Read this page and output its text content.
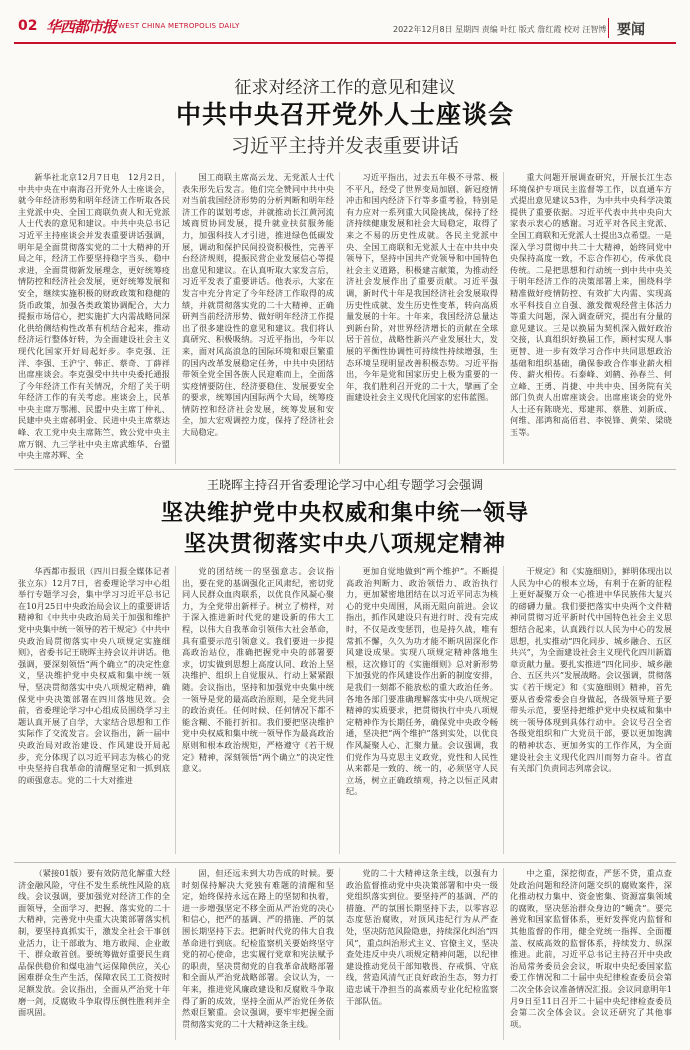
02 华西都市报 WEST CHINA METROPOLIS DAILY	2022年12月8日 星期四 责编 叶红 版式 詹红霞 校对 汪智博 要闻
征求对经济工作的意见和建议
中共中央召开党外人士座谈会
习近平主持并发表重要讲话

新华社北京12月7日电　12月2日，中共中央在中南海召开党外人士座谈会，就今年经济形势和明年经济工作听取各民主党派中央、全国工商联负责人和无党派人士代表的意见和建议。中共中央总书记习近平主持座谈会并发表重要讲话强调，明年是全面贯彻落实党的二十大精神的开局之年，经济工作要坚持稳字当头、稳中求进，全面贯彻新发展理念，更好统筹疫情防控和经济社会发展，更好统筹发展和安全，继续实施积极的财政政策和稳健的货币政策，加强各类政策协调配合，大力提振市场信心，把实施扩大内需战略同深化供给侧结构性改革有机结合起来，推动经济运行整体好转，为全面建设社会主义现代化国家开好局起好步。李克强、汪洋、李强、王沪宁、韩正、蔡奇、丁薛祥出席座谈会。李克强受中共中央委托通报了今年经济工作有关情况，介绍了关于明年经济工作的有关考虑。座谈会上，民革中央主席万鄂湘、民盟中央主席丁仲礼、民建中央主席郝明金、民进中央主席蔡达峰、农工党中央主席陈竺、致公党中央主席万钢、九三学社中央主席武维华、台盟中央主席苏辉、全

国工商联主席高云龙、无党派人士代表朱形先后发言。他们完全赞同中共中央对当前我国经济形势的分析判断和明年经济工作的谋划考虑，并就推动长江黄河流域商贸协同发展，提升就业扶贫服务能力，加强科技人才引进，推进绿色低碳发展，调动和保护民间投资积极性，完善平台经济规则，提振民营企业发展信心等提出意见和建议。在认真听取大家发言后，习近平发表了重要讲话。他表示，大家在发言中充分肯定了今年经济工作取得的成绩，并就贯彻落实党的二十大精神、正确研判当前经济形势、做好明年经济工作提出了很多建设性的意见和建议。我们将认真研究、积极吸纳。习近平指出，今年以来，面对风高浪急的国际环境和艰巨繁重的国内改革发展稳定任务，中共中央团结带领全党全国各族人民迎难而上，全面落实疫情要防住、经济要稳住、发展要安全的要求，统筹国内国际两个大局，统筹疫情防控和经济社会发展，统筹发展和安全，加大宏观调控力度，保持了经济社会大局稳定。

习近平指出，过去五年极不寻常、极不平凡，经受了世界变局加剧、新冠疫情冲击和国内经济下行等多重考验，特别是有力应对一系列重大风险挑战，保持了经济持续健康发展和社会大局稳定，取得了来之不易的历史性成就。各民主党派中央、全国工商联和无党派人士在中共中央领导下，坚持中国共产党领导和中国特色社会主义道路，积极建言献策，为推动经济社会发展作出了重要贡献。习近平强调，新时代十年是我国经济社会发展取得历史性成就、发生历史性变革，转向高质量发展的十年。十年来，我国经济总量达到新台阶，对世界经济增长的贡献在全球居于首位，战略性新兴产业发展壮大，发展的平衡性协调性可持续性持续增强，生态环境呈现明显改善积极态势。习近平指出，今年是党和国家历史上极为重要的一年，我们胜利召开党的二十大，擘画了全面建设社会主义现代化国家的宏伟蓝图。

重大问题开展调查研究，开展长江生态环境保护专项民主监督等工作，以直通车方式提出意见建议53件，为中共中央科学决策提供了重要依据。习近平代表中共中央向大家表示衷心的感谢。习近平对各民主党派、全国工商联和无党派人士提出3点希望。一是深入学习贯彻中共二十大精神，始终同党中央保持高度一致，不忘合作初心，传承优良传统。二是把思想和行动统一到中共中央关于明年经济工作的决策部署上来，围绕科学精准做好疫情防控、有效扩大内需、实现高水平科技自立自强、激发微观经营主体活力等重大问题，深入调查研究，提出有分量的意见建议。三是以换届为契机深入做好政治交接，认真组织好换届工作，顾村实现人事更替、进一步有效学习合作中共同思想政治基础和组织基础，确保参政合作事业薪火相传、薪火相传。石泰峰、刘鹤、孙春兰、何立峰、王勇、肖捷、中共中央、国务院有关部门负责人出席座谈会。出席座谈会的党外人士还有陈晓光、郑建邦、蔡胜、刘新成、何维、邵鸿和高佰君、李锐锋、黄荣、梁晓玉等。

王晓晖主持召开省委理论学习中心组专题学习会强调
坚决维护党中央权威和集中统一领导
坚决贯彻落实中央八项规定精神

华西都市报讯（四川日报全媒体记者 张立东）12月7日，省委理论学习中心组举行专题学习会，集中学习习近平总书记在10月25日中央政治局会议上的重要讲话精神和《中共中央政治局关于加强和维护党中央集中统一领导的若干规定》《中共中央政治局贯彻落实中央八项规定实施细则》，省委书记王晓晖主持会议并讲话。他强调，要深刻领悟“两个确立”的决定性意义，坚决维护党中央权威和集中统一领导，坚决贯彻落实中央八项规定精神，确保党中央决策部署在四川落地见效。会前，省委理论学习中心组成员围绕学习主题认真开展了自学，大家结合思想和工作实际作了交流发言。会议指出，新一届中央政治局对政治建设、作风建设开局起步，充分体现了以习近平同志为核心的党中央坚持自我革命的清醒坚定和一抓到底的顽强意志。党的二十大对推进

党的团结统一的坚强意志。会议指出，要在党的基调强化正风肃纪，密切党同人民群众血肉联系，以优良作风凝心聚力，为全党带出新样子。树立了榜样，对于深入推进新时代党的建设新的伟大工程，以伟大自我革命引领伟大社会革命，具有重要示范引领意义。我们要进一步提高政治站位，准确把握党中央的部署要求，切实做到思想上高度认同、政治上坚决维护、组织上自觉服从、行动上紧紧跟随。会议指出，坚持和加强党中央集中统一领导是党的最高政治原则，是全党共同的政治责任。任何时候、任何情况下都不能含糊、不能打折扣。我们要把坚决维护党中央权威和集中统一领导作为最高政治原则和根本政治规矩，严格遵守《若干规定》精神，深刻领悟“两个确立”的决定性意义。

更加自觉地做到“两个维护”。不断提高政治判断力、政治领悟力、政治执行力，更加紧密地团结在以习近平同志为核心的党中央周围，风雨无阻向前进。会议指出，抓作风建设只有进行时、没有完成时，不仅是改变惩罚，也是持久战，唯有常抓不懈，久久为功才能不断巩固深化作风建设成果。实现八项规定精神落地生根，这次修订的《实施细则》总对新形势下加强党的作风建设作出新的制度安排，是我们一刻都不能放松的重大政治任务。各地各部门要准确理解落实中央八项规定精神的实质要求，把贯彻执行中央八项规定精神作为长期任务，确保党中央政令畅通，坚决把“两个维护”落到实处，以优良作风凝聚人心、汇聚力量。会议强调，我们党作为马克思主义政党，党性和人民性从来都是一致的、统一的，必须坚守人民立场，树立正确政绩观，持之以恒正风肃纪。

干规定》和《实施细则》，鲜明体现出以人民为中心的根本立场，有利于在新的征程上更好凝聚万众一心推进中华民族伟大复兴的磅礴力量。我们要把落实中央两个文件精神同贯彻习近平新时代中国特色社会主义思想结合起来，认真践行以人民为中心的发展思想，扎实推动“四化同步、城乡融合、五区共兴”，为全面建设社会主义现代化四川新篇章贡献力量。要扎实推进“四化同步、城乡融合、五区共兴”发展战略。会议强调，贯彻落实《若干规定》和《实施细则》精神，首先要从省委常委会自身做起，各级领导班子要带头示范，要坚持把维护党中央权威和集中统一领导体现到具体行动中。会议号召全省各级党组织和广大党员干部，要以更加饱满的精神状态、更加务实的工作作风，为全面建设社会主义现代化四川而努力奋斗。省直有关部门负责同志列席会议。

（紧接01版）要有效防范化解重大经济金融风险，守住不发生系统性风险的底线。会议强调，要加强党对经济工作的全面领导，全面学习、把握、落实党的二十大精神，完善党中央重大决策部署落实机制，要坚持真抓实干，激发全社会干事创业活力，让干部敢为、地方敢闯、企业敢干、群众敢首创。要统筹做好重要民生商品保供稳价和煤电油气运保障供应，关心困难群众生产生活，保障农民工工资按时足额发放。会议指出，全面从严治党十年磨一剑，反腐败斗争取得压倒性胜利并全面巩固。

固，但还远未到大功告成的时候。要时刻保持解决大党独有难题的清醒和坚定，始终保持永远在路上的坚韧和执着，进一步增强坚定不移全面从严治党的决心和信心，把严的基调、严的措施、严的氛围长期坚持下去。把新时代党的伟大自我革命进行到底。纪检监察机关要始终坚守党的初心使命，忠实履行党章和宪法赋予的职责，坚决贯彻党的自我革命战略部署和全面从严治党战略部署。会议认为，一年来，推进党风廉政建设和反腐败斗争取得了新的成效，坚持全面从严治党任务依然艰巨繁重。会议强调，要牢牢把握全面贯彻落实党的二十大精神这条主线。

党的二十大精神这条主线，以强有力政治监督推动党中央决策部署和中央一级党组织落实到位。要坚持严的基调、严的措施、严的氛围长期坚持下去，以零容忍态度惩治腐败，对顶风违纪行为从严查处，坚决防范风险隐患，持续深化纠治“四风”，重点纠治形式主义、官僚主义，坚决查处违反中央八项规定精神问题，以纪律建设推动党员干部知敬畏、存戒惧、守底线，营造风清气正良好政治生态，努力打造忠诚干净担当的高素质专业化纪检监察干部队伍。

中之重，深挖彻查，严惩不贷，重点查处政治问题和经济问题交织的腐败案件，深化推动权力集中、资金密集、资源富集领域的腐败，坚决惩治群众身边的“蝇贪”。要完善党和国家监督体系，更好发挥党内监督和其他监督的作用，健全党统一指挥、全面覆盖、权威高效的监督体系，持续发力、纵深推进。此前，习近平总书记主持召开中央政治局常务委员会会议，听取中央纪委国家监委工作情况和二十届中央纪律检查委员会第二次全体会议准备情况汇报。会议同意明年1月9日至11日召开二十届中央纪律检查委员会第二次全体会议。会议还研究了其他事项。
